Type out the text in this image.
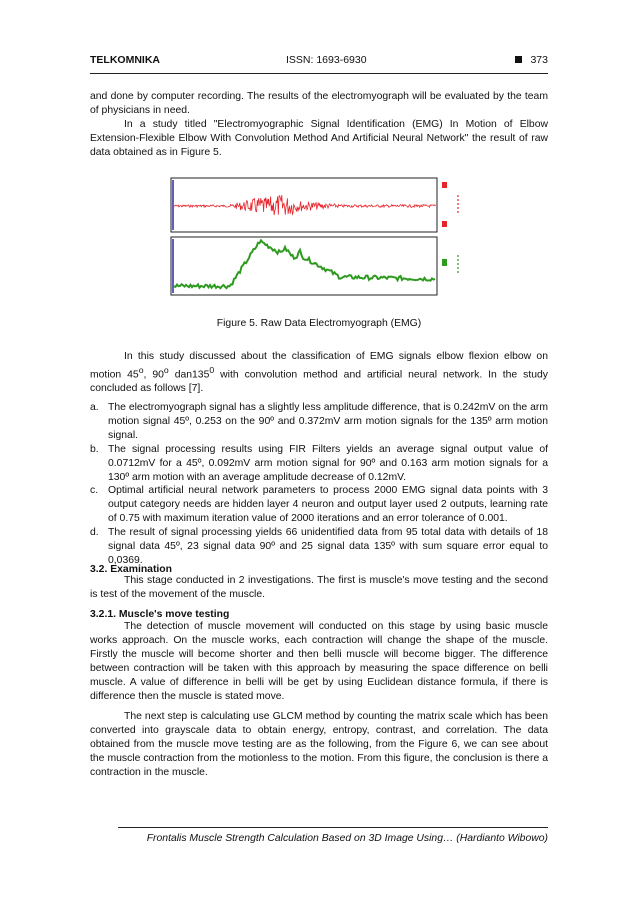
TELKOMNIKA	ISSN: 1693-6930	373

and done by computer recording. The results of the electromyograph will be evaluated by the team of physicians in need.

In a study titled "Electromyographic Signal Identification (EMG) In Motion of Elbow Extension-Flexible Elbow With Convolution Method And Artificial Neural Network" the result of raw data obtained as in Figure 5.

Figure 5. Raw Data Electromyograph (EMG)

In this study discussed about the classification of EMG signals elbow flexion elbow on motion 45$^o$, 90$^o$ $dan135^0$ with convolution method and artificial neural network. In the study concluded as follows [7].

a. The electromyograph signal has a slightly less amplitude difference, that is 0.242mV on the arm motion signal 45º, 0.253 on the 90º and 0.372mV arm motion signals for the 135º arm motion signal.
b. The signal processing results using FIR Filters yields an average signal output value of 0.0712mV for a 45º, 0.092mV arm motion signal for 90º and 0.163 arm motion signals for a 130º arm motion with an average amplitude decrease of 0.12mV.
c. Optimal artificial neural network parameters to process 2000 EMG signal data points with 3 output category needs are hidden layer 4 neuron and output layer used 2 outputs, learning rate of 0.75 with maximum iteration value of 2000 iterations and an error tolerance of 0.001.
d. The result of signal processing yields 66 unidentified data from 95 total data with details of 18 signal data 45º, 23 signal data 90º and 25 signal data 135º with sum square error equal to 0,0369.
3.2. Examination

This stage conducted in 2 investigations. The first is muscle's move testing and the second is test of the movement of the muscle.

3.2.1. Muscle's move testing

The detection of muscle movement will conducted on this stage by using basic muscle works approach. On the muscle works, each contraction will change the shape of the muscle. Firstly the muscle will become shorter and then belli muscle will become bigger. The difference between contraction will be taken with this approach by measuring the space difference on belli muscle. A value of difference in belli will be get by using Euclidean distance formula, if there is difference then the muscle is stated move.

The next step is calculating use GLCM method by counting the matrix scale which has been converted into grayscale data to obtain energy, entropy, contrast, and correlation. The data obtained from the muscle move testing are as the following, from the Figure 6, we can see about the muscle contraction from the motionless to the motion. From this figure, the conclusion is there a contraction in the muscle.

Frontalis Muscle Strength Calculation Based on 3D Image Using… (Hardianto Wibowo)
